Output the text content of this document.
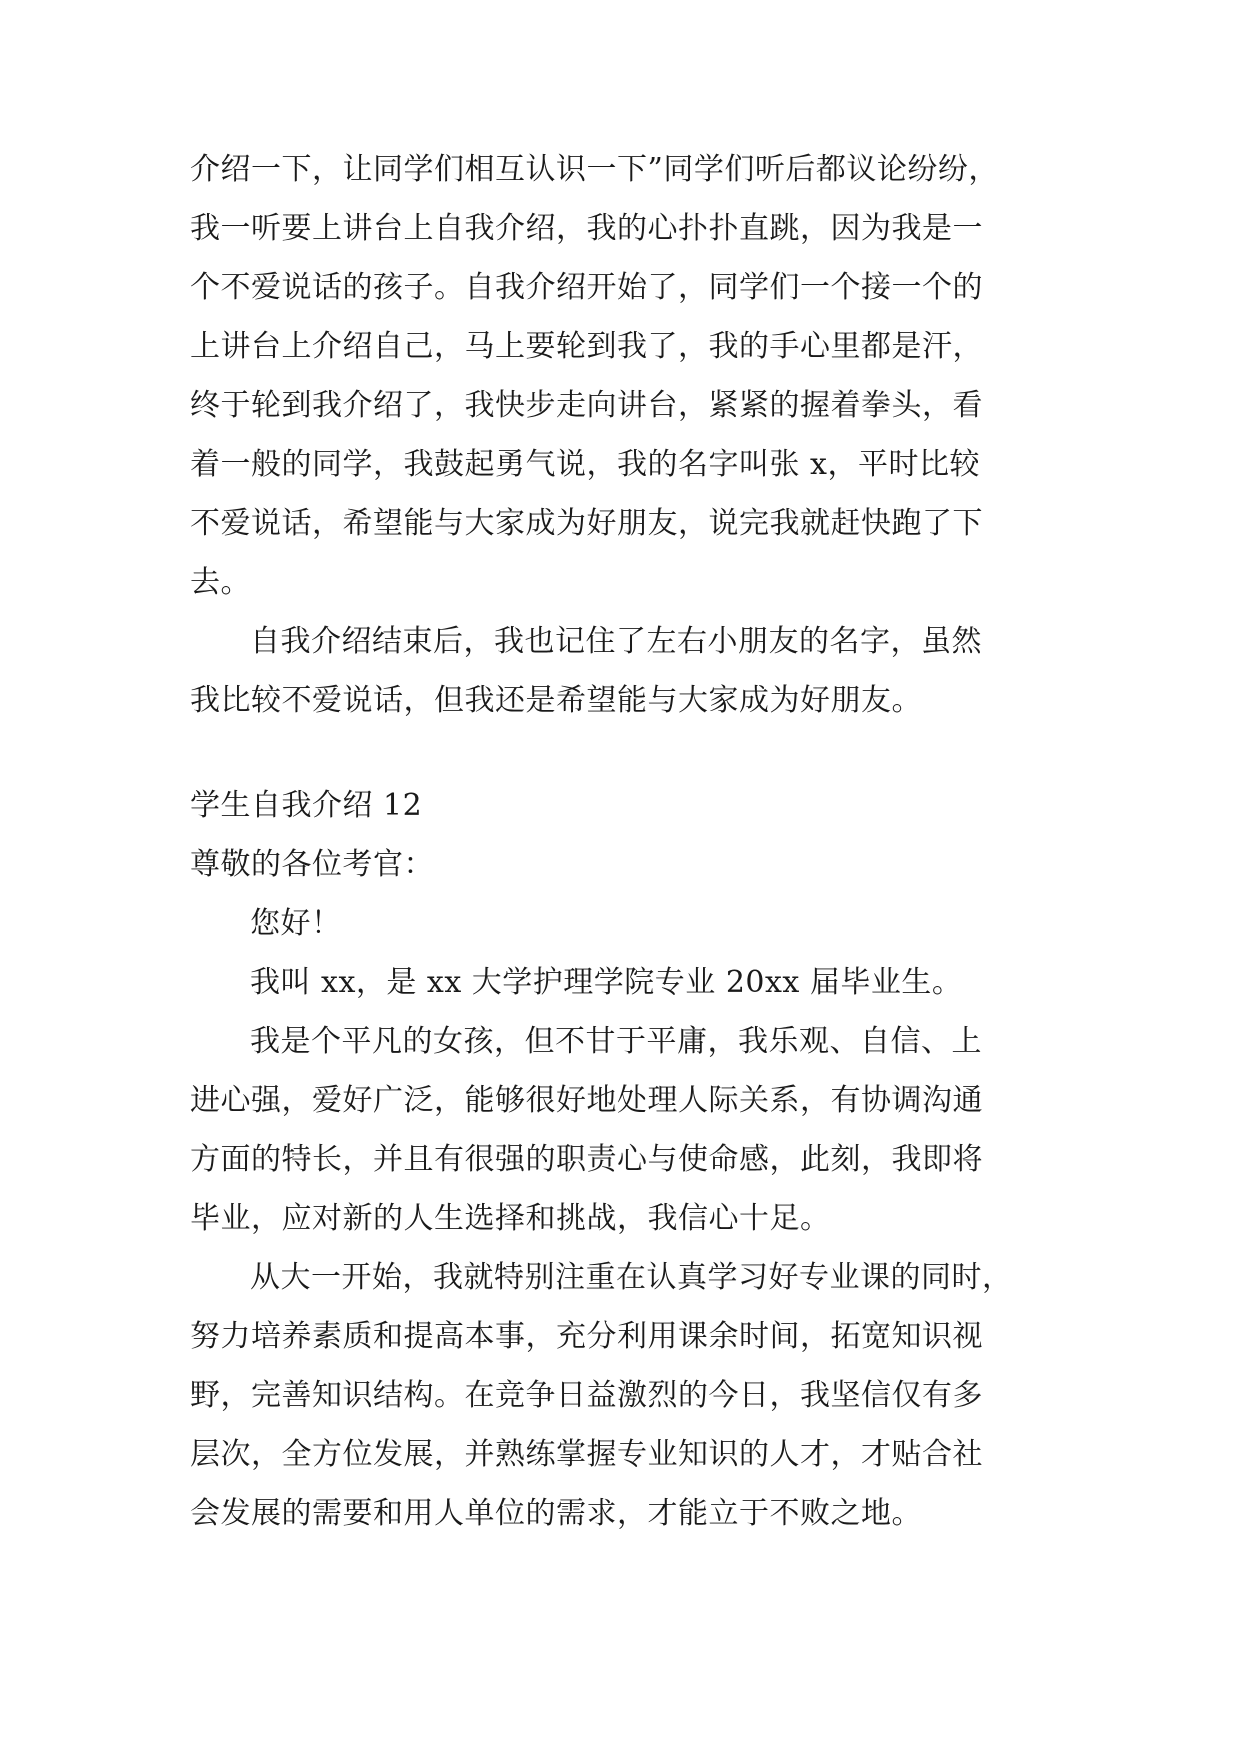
介绍一下，让同学们相互认识一下”同学们听后都议论纷纷，
我一听要上讲台上自我介绍，我的心扑扑直跳，因为我是一
个不爱说话的孩子。自我介绍开始了，同学们一个接一个的
上讲台上介绍自己，马上要轮到我了，我的手心里都是汗，
终于轮到我介绍了，我快步走向讲台，紧紧的握着拳头，看
着一般的同学，我鼓起勇气说，我的名字叫张 x，平时比较
不爱说话，希望能与大家成为好朋友，说完我就赶快跑了下
去。
自我介绍结束后，我也记住了左右小朋友的名字，虽然
我比较不爱说话，但我还是希望能与大家成为好朋友。
学生自我介绍 12
尊敬的各位考官：
您好！
我叫 xx，是 xx 大学护理学院专业 20xx 届毕业生。
我是个平凡的女孩，但不甘于平庸，我乐观、自信、上
进心强，爱好广泛，能够很好地处理人际关系，有协调沟通
方面的特长，并且有很强的职责心与使命感，此刻，我即将
毕业，应对新的人生选择和挑战，我信心十足。
从大一开始，我就特别注重在认真学习好专业课的同时，
努力培养素质和提高本事，充分利用课余时间，拓宽知识视
野，完善知识结构。在竞争日益激烈的今日，我坚信仅有多
层次，全方位发展，并熟练掌握专业知识的人才，才贴合社
会发展的需要和用人单位的需求，才能立于不败之地。
